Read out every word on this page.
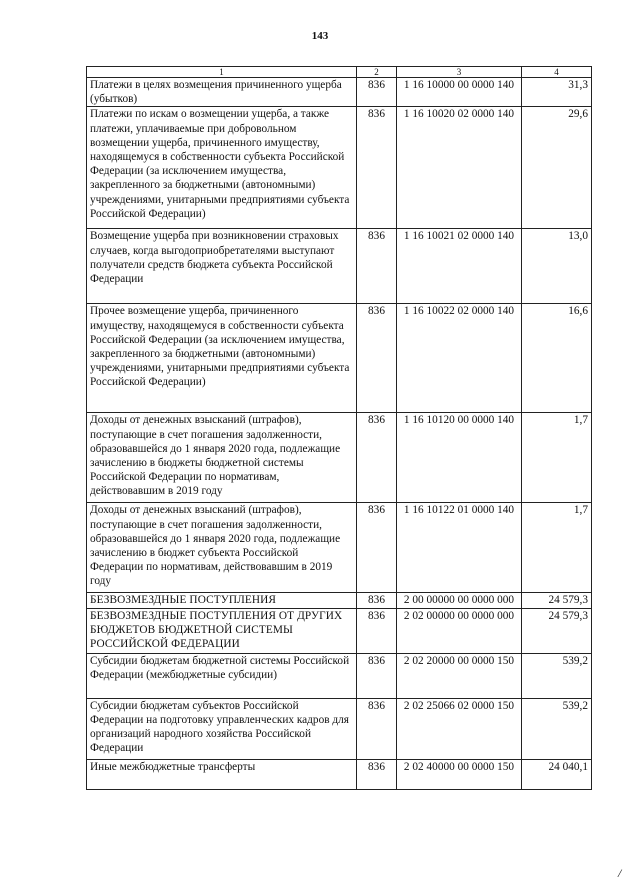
143
1	2	3	4
Платежи в целях возмещения причиненного ущерба (убытков)	836	1 16 10000 00 0000 140	31,3
Платежи по искам о возмещении ущерба, а также платежи, уплачиваемые при добровольном возмещении ущерба, причиненного имуществу, находящемуся в собственности субъекта Российской Федерации (за исключением имущества, закрепленного за бюджетными (автономными) учреждениями, унитарными предприятиями субъекта Российской Федерации)	836	1 16 10020 02 0000 140	29,6
Возмещение ущерба при возникновении страховых случаев, когда выгодоприобретателями выступают получатели средств бюджета субъекта Российской Федерации	836	1 16 10021 02 0000 140	13,0
Прочее возмещение ущерба, причиненного имуществу, находящемуся в собственности субъекта Российской Федерации (за исключением имущества, закрепленного за бюджетными (автономными) учреждениями, унитарными предприятиями субъекта Российской Федерации)	836	1 16 10022 02 0000 140	16,6
Доходы от денежных взысканий (штрафов), поступающие в счет погашения задолженности, образовавшейся до 1 января 2020 года, подлежащие зачислению в бюджеты бюджетной системы Российской Федерации по нормативам, действовавшим в 2019 году	836	1 16 10120 00 0000 140	1,7
Доходы от денежных взысканий (штрафов), поступающие в счет погашения задолженности, образовавшейся до 1 января 2020 года, подлежащие зачислению в бюджет субъекта Российской Федерации по нормативам, действовавшим в 2019 году	836	1 16 10122 01 0000 140	1,7
БЕЗВОЗМЕЗДНЫЕ ПОСТУПЛЕНИЯ	836	2 00 00000 00 0000 000	24 579,3
БЕЗВОЗМЕЗДНЫЕ ПОСТУПЛЕНИЯ ОТ ДРУГИХ БЮДЖЕТОВ БЮДЖЕТНОЙ СИСТЕМЫ РОССИЙСКОЙ ФЕДЕРАЦИИ	836	2 02 00000 00 0000 000	24 579,3
Субсидии бюджетам бюджетной системы Российской Федерации (межбюджетные субсидии)	836	2 02 20000 00 0000 150	539,2
Субсидии бюджетам субъектов Российской Федерации на подготовку управленческих кадров для организаций народного хозяйства Российской Федерации	836	2 02 25066 02 0000 150	539,2
Иные межбюджетные трансферты	836	2 02 40000 00 0000 150	24 040,1
/
